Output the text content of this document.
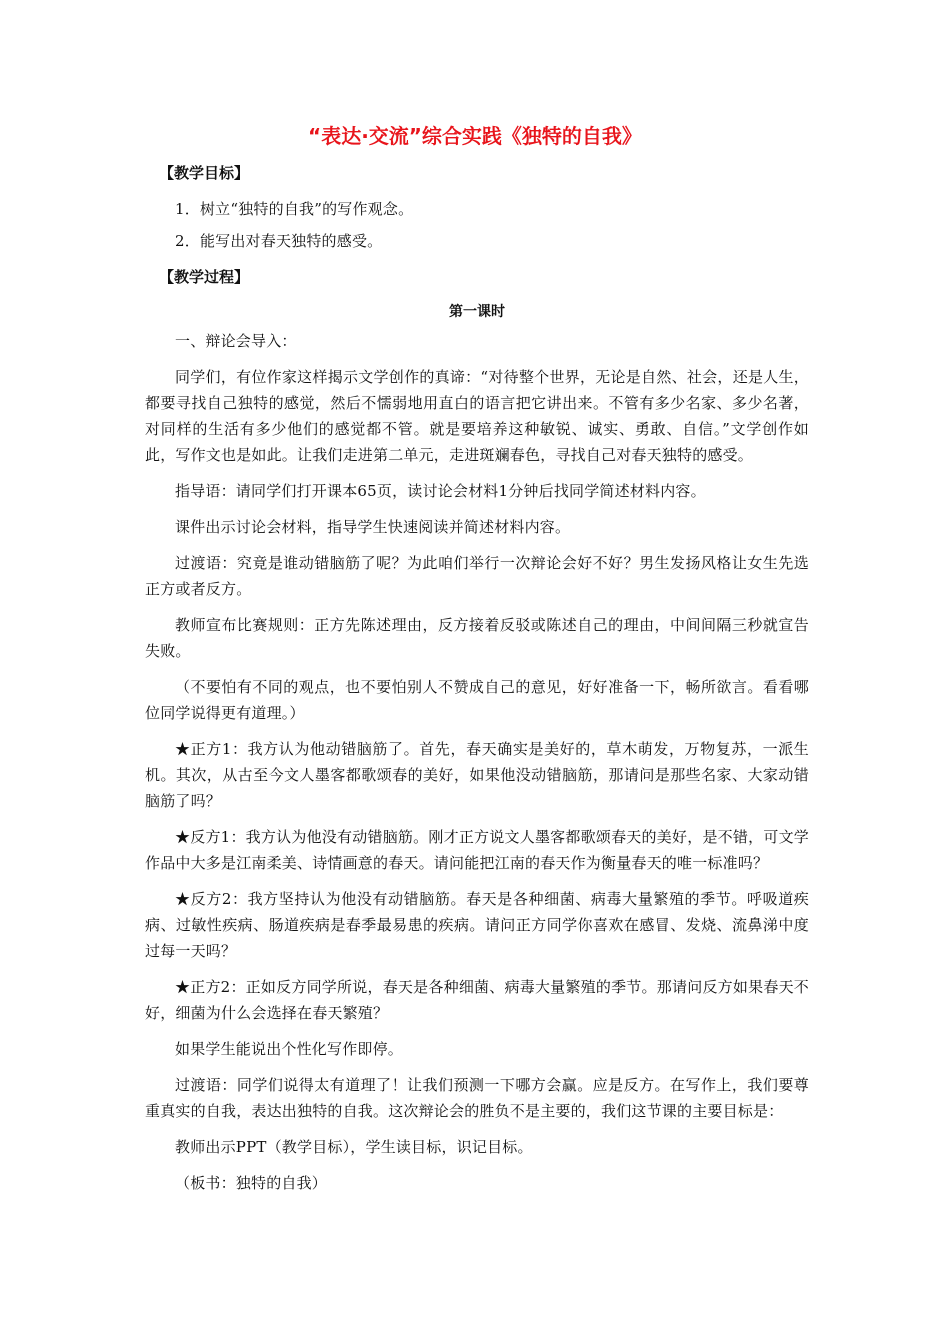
“表达·交流”综合实践《独特的自我》
【教学目标】
1．树立“独特的自我”的写作观念。
2．能写出对春天独特的感受。
【教学过程】
第一课时
一、辩论会导入：
同学们，有位作家这样揭示文学创作的真谛：“对待整个世界，无论是自然、社会，还是人生，都要寻找自己独特的感觉，然后不懦弱地用直白的语言把它讲出来。不管有多少名家、多少名著，对同样的生活有多少他们的感觉都不管。就是要培养这种敏锐、诚实、勇敢、自信。”文学创作如此，写作文也是如此。让我们走进第二单元，走进斑斓春色，寻找自己对春天独特的感受。
指导语：请同学们打开课本65页，读讨论会材料1分钟后找同学简述材料内容。
课件出示讨论会材料，指导学生快速阅读并简述材料内容。
过渡语：究竟是谁动错脑筋了呢？为此咱们举行一次辩论会好不好？男生发扬风格让女生先选正方或者反方。
教师宣布比赛规则：正方先陈述理由，反方接着反驳或陈述自己的理由，中间间隔三秒就宣告失败。
（不要怕有不同的观点，也不要怕别人不赞成自己的意见，好好准备一下，畅所欲言。看看哪位同学说得更有道理。）
★正方1：我方认为他动错脑筋了。首先，春天确实是美好的，草木萌发，万物复苏，一派生机。其次，从古至今文人墨客都歌颂春的美好，如果他没动错脑筋，那请问是那些名家、大家动错脑筋了吗？
★反方1：我方认为他没有动错脑筋。刚才正方说文人墨客都歌颂春天的美好，是不错，可文学作品中大多是江南柔美、诗情画意的春天。请问能把江南的春天作为衡量春天的唯一标准吗？
★反方2：我方坚持认为他没有动错脑筋。春天是各种细菌、病毒大量繁殖的季节。呼吸道疾病、过敏性疾病、肠道疾病是春季最易患的疾病。请问正方同学你喜欢在感冒、发烧、流鼻涕中度过每一天吗？
★正方2：正如反方同学所说，春天是各种细菌、病毒大量繁殖的季节。那请问反方如果春天不好，细菌为什么会选择在春天繁殖？
如果学生能说出个性化写作即停。
过渡语：同学们说得太有道理了！让我们预测一下哪方会赢。应是反方。在写作上，我们要尊重真实的自我，表达出独特的自我。这次辩论会的胜负不是主要的，我们这节课的主要目标是：
教师出示PPT（教学目标），学生读目标，识记目标。
（板书：独特的自我）
